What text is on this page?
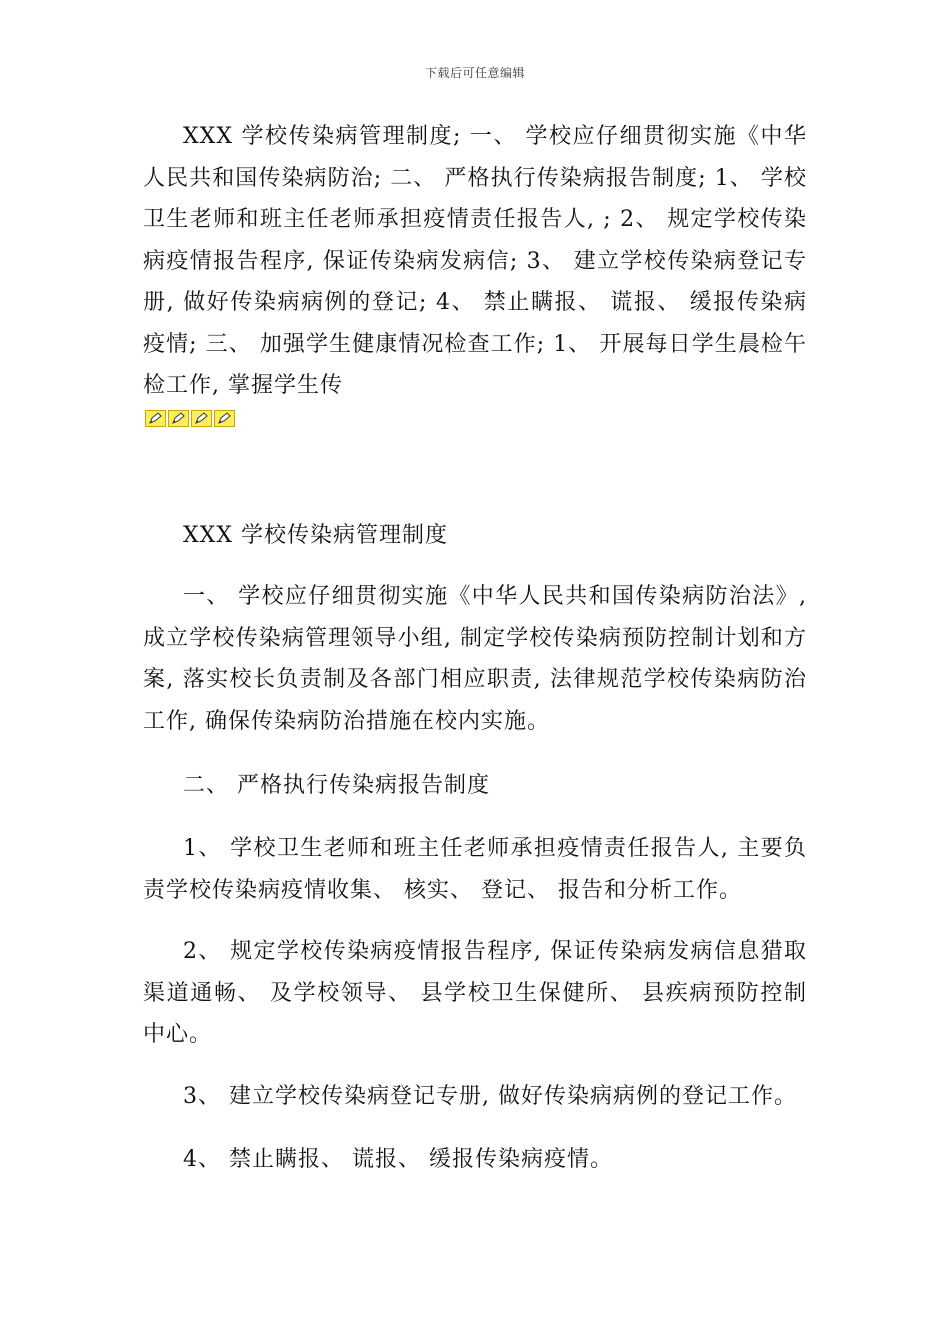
下载后可任意编辑

XXX 学校传染病管理制度; 一、 学校应仔细贯彻实施《中华人民共和国传染病防治; 二、 严格执行传染病报告制度; 1、 学校卫生老师和班主任老师承担疫情责任报告人, ; 2、 规定学校传染病疫情报告程序, 保证传染病发病信; 3、 建立学校传染病登记专册, 做好传染病病例的登记; 4、 禁止瞒报、 谎报、 缓报传染病疫情; 三、 加强学生健康情况检查工作; 1、 开展每日学生晨检午检工作, 掌握学生传

XXX 学校传染病管理制度

一、 学校应仔细贯彻实施《中华人民共和国传染病防治法》, 成立学校传染病管理领导小组, 制定学校传染病预防控制计划和方案, 落实校长负责制及各部门相应职责, 法律规范学校传染病防治工作, 确保传染病防治措施在校内实施。

二、 严格执行传染病报告制度

1、 学校卫生老师和班主任老师承担疫情责任报告人, 主要负责学校传染病疫情收集、 核实、 登记、 报告和分析工作。

2、 规定学校传染病疫情报告程序, 保证传染病发病信息猎取渠道通畅、 及学校领导、 县学校卫生保健所、 县疾病预防控制中心。

3、 建立学校传染病登记专册, 做好传染病病例的登记工作。

4、 禁止瞒报、 谎报、 缓报传染病疫情。
